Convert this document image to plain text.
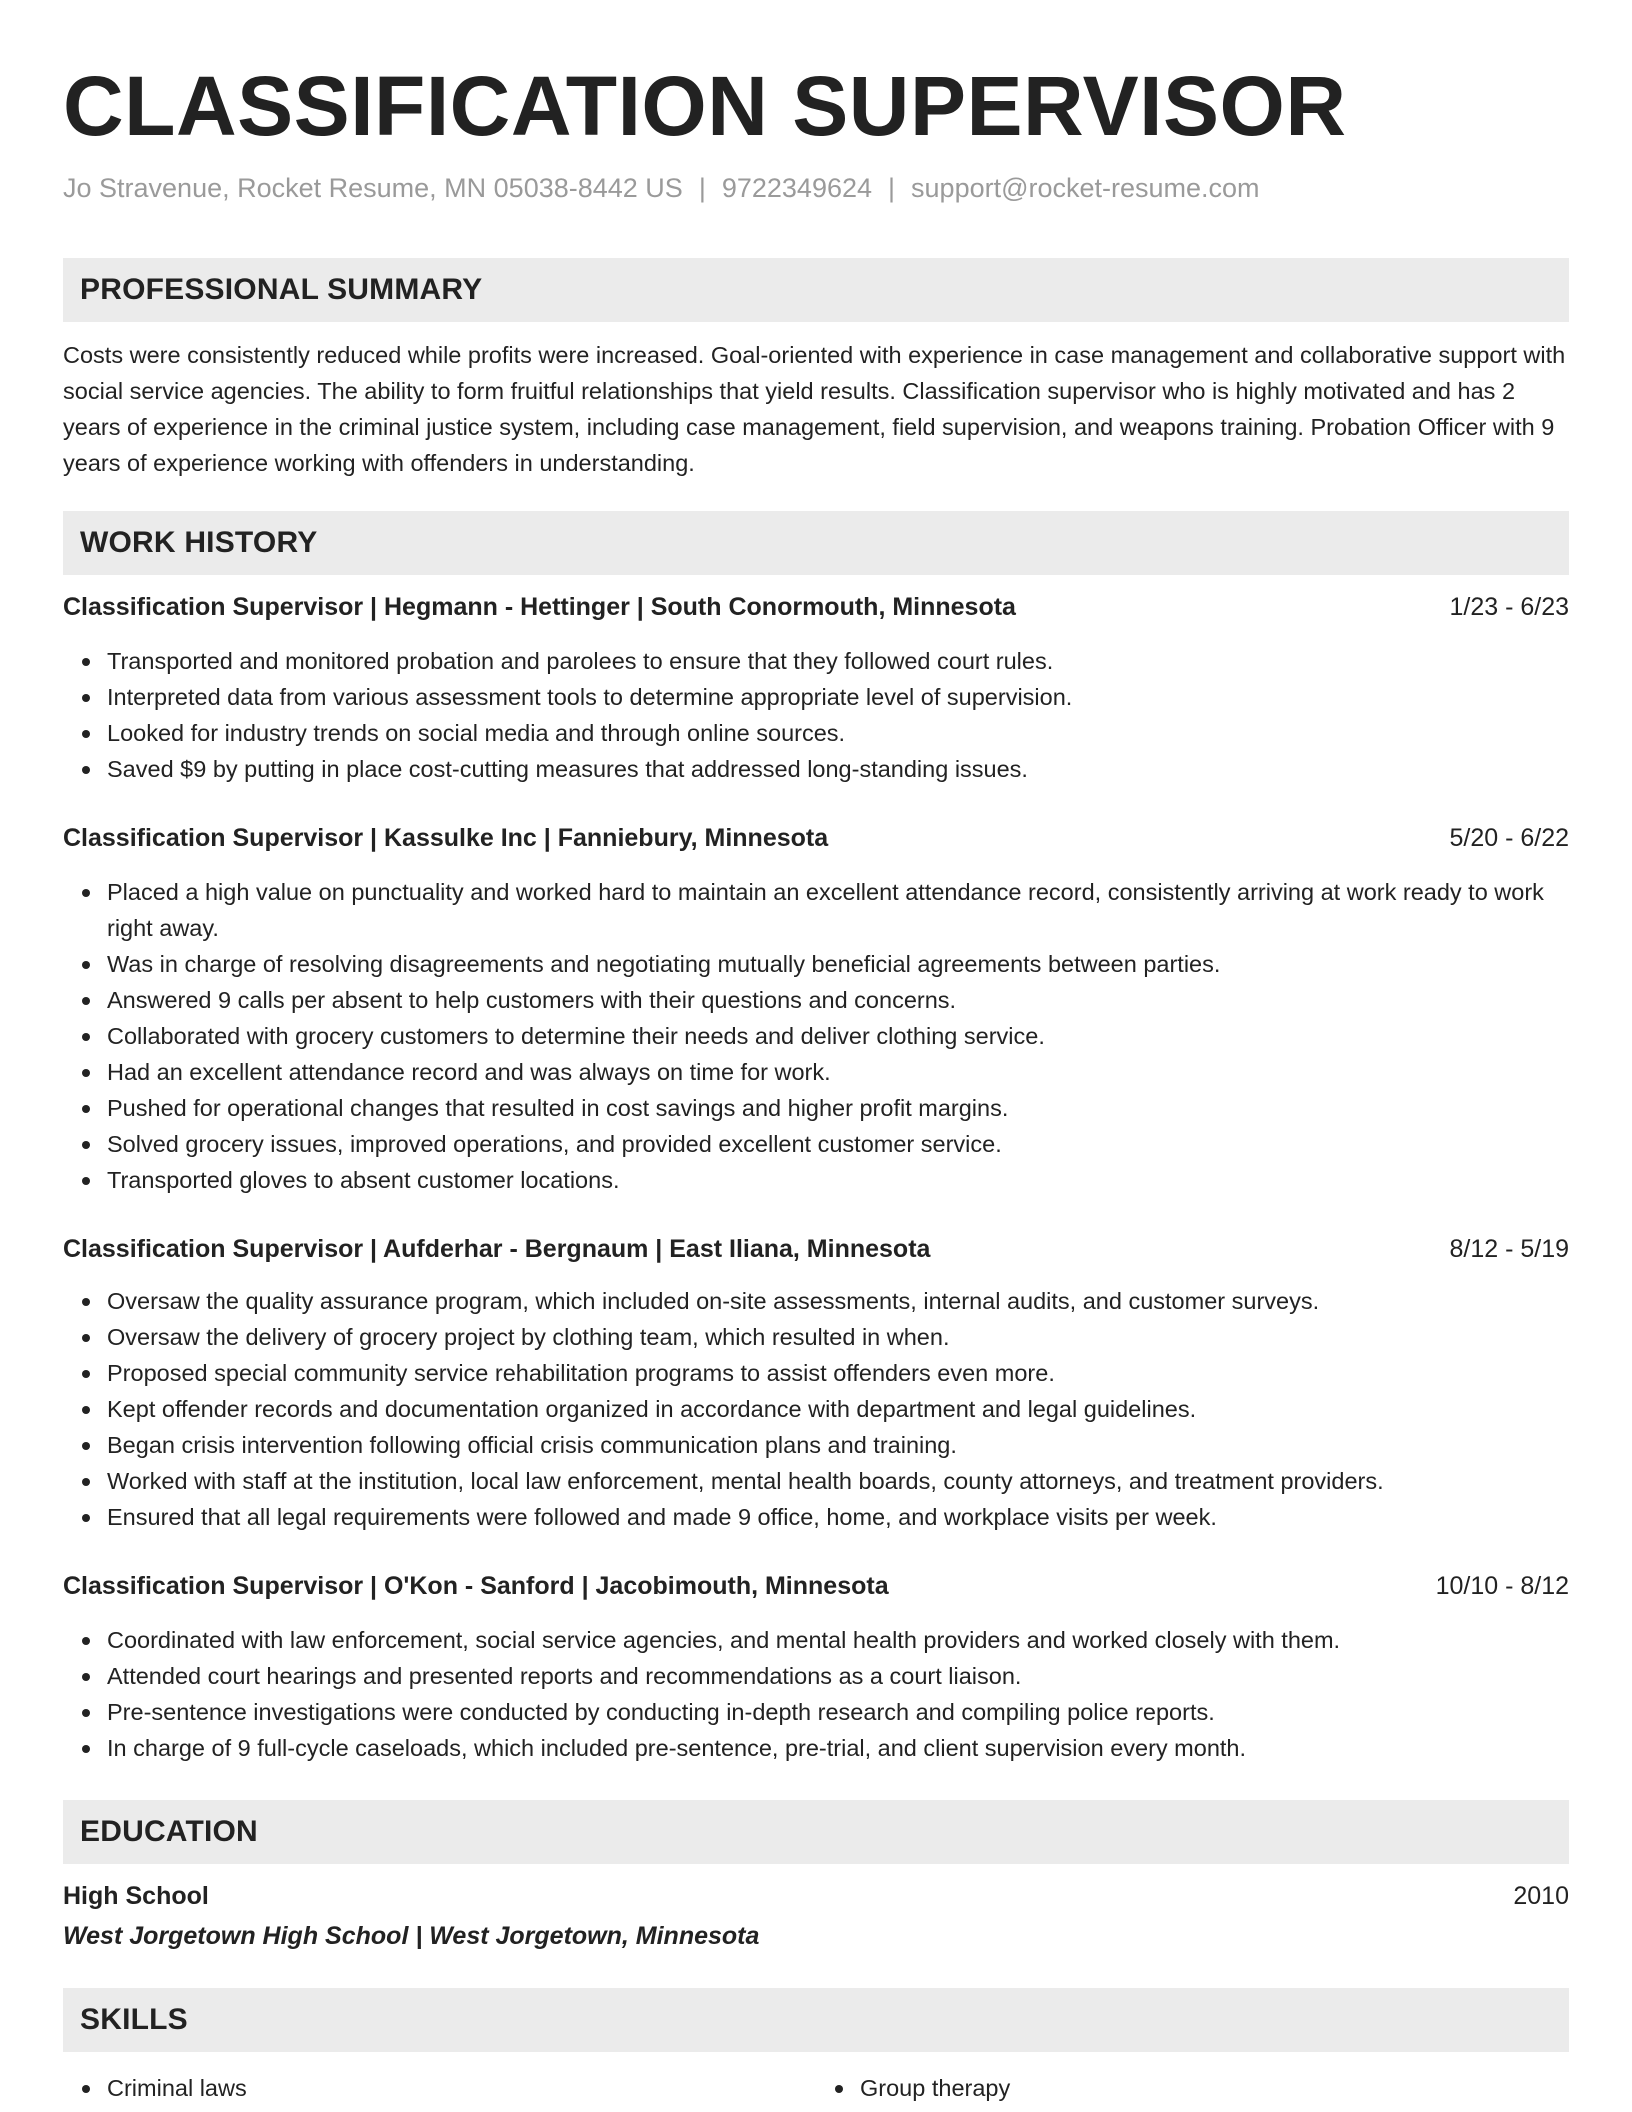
CLASSIFICATION SUPERVISOR
Jo Stravenue, Rocket Resume, MN 05038-8442 US | 9722349624 | support@rocket-resume.com
PROFESSIONAL SUMMARY
Costs were consistently reduced while profits were increased. Goal-oriented with experience in case management and collaborative support with social service agencies. The ability to form fruitful relationships that yield results. Classification supervisor who is highly motivated and has 2 years of experience in the criminal justice system, including case management, field supervision, and weapons training. Probation Officer with 9 years of experience working with offenders in understanding.
WORK HISTORY
Classification Supervisor | Hegmann - Hettinger | South Conormouth, Minnesota	1/23 - 6/23
Transported and monitored probation and parolees to ensure that they followed court rules.
Interpreted data from various assessment tools to determine appropriate level of supervision.
Looked for industry trends on social media and through online sources.
Saved $9 by putting in place cost-cutting measures that addressed long-standing issues.
Classification Supervisor | Kassulke Inc | Fanniebury, Minnesota	5/20 - 6/22
Placed a high value on punctuality and worked hard to maintain an excellent attendance record, consistently arriving at work ready to work right away.
Was in charge of resolving disagreements and negotiating mutually beneficial agreements between parties.
Answered 9 calls per absent to help customers with their questions and concerns.
Collaborated with grocery customers to determine their needs and deliver clothing service.
Had an excellent attendance record and was always on time for work.
Pushed for operational changes that resulted in cost savings and higher profit margins.
Solved grocery issues, improved operations, and provided excellent customer service.
Transported gloves to absent customer locations.
Classification Supervisor | Aufderhar - Bergnaum | East Iliana, Minnesota	8/12 - 5/19
Oversaw the quality assurance program, which included on-site assessments, internal audits, and customer surveys.
Oversaw the delivery of grocery project by clothing team, which resulted in when.
Proposed special community service rehabilitation programs to assist offenders even more.
Kept offender records and documentation organized in accordance with department and legal guidelines.
Began crisis intervention following official crisis communication plans and training.
Worked with staff at the institution, local law enforcement, mental health boards, county attorneys, and treatment providers.
Ensured that all legal requirements were followed and made 9 office, home, and workplace visits per week.
Classification Supervisor | O'Kon - Sanford | Jacobimouth, Minnesota	10/10 - 8/12
Coordinated with law enforcement, social service agencies, and mental health providers and worked closely with them.
Attended court hearings and presented reports and recommendations as a court liaison.
Pre-sentence investigations were conducted by conducting in-depth research and compiling police reports.
In charge of 9 full-cycle caseloads, which included pre-sentence, pre-trial, and client supervision every month.
EDUCATION
High School	2010
West Jorgetown High School | West Jorgetown, Minnesota
SKILLS
Criminal laws	Group therapy
